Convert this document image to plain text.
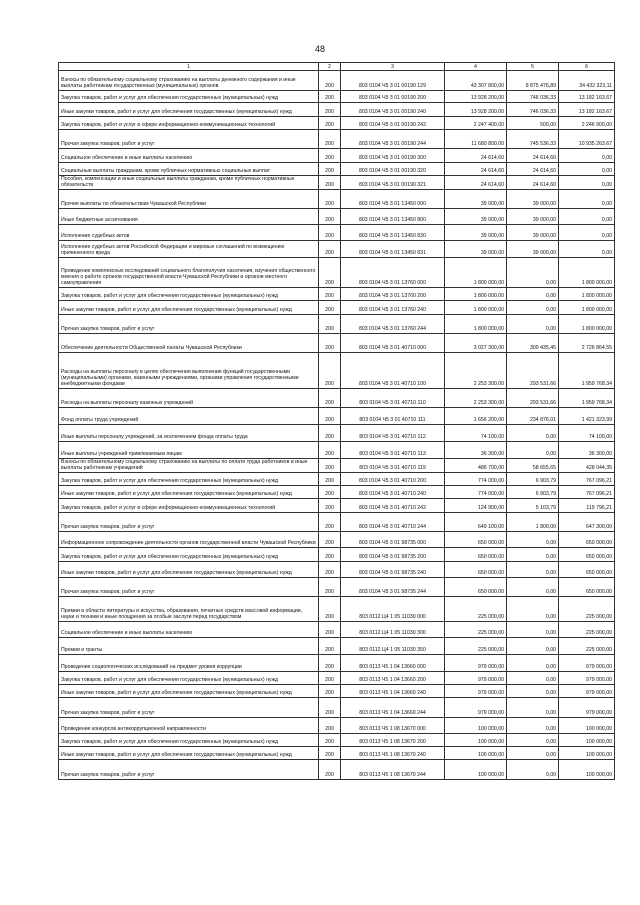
48
1	2	3	4	5	6
Взносы по обязательному социальному страхованию на выплаты денежного содержания и иные выплаты работникам государственных (муниципальных) органов	200	803 0104 Ч5 3 01 00190 129	43 307 800,00	8 875 476,89	34 432 323,11
Закупка товаров, работ и услуг для обеспечения государственных (муниципальных) нужд	200	803 0104 Ч5 3 01 00190 200	13 928 200,00	746 036,33	13 182 163,67
Иные закупки товаров, работ и услуг для обеспечения государственных (муниципальных) нужд	200	803 0104 Ч5 3 01 00190 240	13 928 200,00	746 036,33	13 182 163,67
Закупка товаров, работ и услуг в сфере информационно-коммуникационных технологий	200	803 0104 Ч5 3 01 00190 242	2 247 400,00	500,00	2 246 900,00
Прочая закупка товаров, работ и услуг	200	803 0104 Ч5 3 01 00190 244	11 680 800,00	745 536,33	10 935 263,67
Социальное обеспечение и иные выплаты населению	200	803 0104 Ч5 3 01 00190 300	24 614,60	24 614,60	0,00
Социальные выплаты гражданам, кроме публичных нормативных социальных выплат	200	803 0104 Ч5 3 01 00190 320	24 614,60	24 614,60	0,00
Пособия, компенсации и иные социальные выплаты гражданам, кроме публичных нормативных обязательств	200	803 0104 Ч5 3 01 00190 321	24 614,60	24 614,60	0,00
Прочие выплаты по обязательствам Чувашской Республики	200	803 0104 Ч5 3 01 13450 000	39 000,00	39 000,00	0,00
Иные бюджетные ассигнования	200	803 0104 Ч5 3 01 13450 800	39 000,00	39 000,00	0,00
Исполнение судебных актов	200	803 0104 Ч5 3 01 13450 830	39 000,00	39 000,00	0,00
Исполнение судебных актов Российской Федерации и мировых соглашений по возмещению причиненного вреда	200	803 0104 Ч5 3 01 13450 831	39 000,00	39 000,00	0,00
Проведение комплексных исследований социального благополучия населения, изучения общественного мнения о работе органов государственной власти Чувашской Республики и органов местного самоуправления	200	803 0104 Ч5 3 01 13760 000	1 800 000,00	0,00	1 800 000,00
Закупка товаров, работ и услуг для обеспечения государственных (муниципальных) нужд	200	803 0104 Ч5 3 01 13760 200	1 800 000,00	0,00	1 800 000,00
Иные закупки товаров, работ и услуг для обеспечения государственных (муниципальных) нужд	200	803 0104 Ч5 3 01 13760 240	1 800 000,00	0,00	1 800 000,00
Прочая закупка товаров, работ и услуг	200	803 0104 Ч5 3 01 13760 244	1 800 000,00	0,00	1 800 000,00
Обеспечение деятельности Общественной палаты Чувашской Республики	200	803 0104 Ч5 3 01 40710 000	3 027 300,00	300 435,45	2 726 864,55
Расходы на выплаты персоналу в целях обеспечения выполнения функций государственными (муниципальными) органами, казенными учреждениями, органами управления государственными внебюджетными фондами	200	803 0104 Ч5 3 01 40710 100	2 253 300,00	293 531,66	1 959 768,34
Расходы на выплаты персоналу казенных учреждений	200	803 0104 Ч5 3 01 40710 110	2 253 300,00	293 531,66	1 959 768,34
Фонд оплаты труда учреждений	200	803 0104 Ч5 3 01 40710 111	1 656 200,00	234 876,01	1 421 323,99
Иные выплаты персоналу учреждений, за исключением фонда оплаты труда	200	803 0104 Ч5 3 01 40710 112	74 100,00	0,00	74 100,00
Иные выплаты учреждений привлекаемым лицам	200	803 0104 Ч5 3 01 40710 113	36 300,00	0,00	36 300,00
Взносы по обязательному социальному страхованию на выплаты по оплате труда работников и иные выплаты работникам учреждений	200	803 0104 Ч5 3 01 40710 119	486 700,00	58 655,65	428 044,35
Закупка товаров, работ и услуг для обеспечения государственных (муниципальных) нужд	200	803 0104 Ч5 3 01 40710 200	774 000,00	6 903,79	767 096,21
Иные закупки товаров, работ и услуг для обеспечения государственных (муниципальных) нужд	200	803 0104 Ч5 3 01 40710 240	774 000,00	6 903,79	767 096,21
Закупка товаров, работ и услуг в сфере информационно-коммуникационных технологий	200	803 0104 Ч5 3 01 40710 242	124 900,00	5 103,79	119 796,21
Прочая закупка товаров, работ и услуг	200	803 0104 Ч5 3 01 40710 244	649 100,00	1 800,00	647 300,00
Информационное сопровождение деятельности органов государственной власти Чувашской Республики	200	803 0104 Ч5 3 01 98735 000	650 000,00	0,00	650 000,00
Закупка товаров, работ и услуг для обеспечения государственных (муниципальных) нужд	200	803 0104 Ч5 3 01 98735 200	650 000,00	0,00	650 000,00
Иные закупки товаров, работ и услуг для обеспечения государственных (муниципальных) нужд	200	803 0104 Ч5 3 01 98735 240	650 000,00	0,00	650 000,00
Прочая закупка товаров, работ и услуг	200	803 0104 Ч5 3 01 98735 244	650 000,00	0,00	650 000,00
Премии в области литературы и искусства, образования, печатных средств массовой информации, науки и техники и иные поощрения за особые заслуги перед государством	200	803 0112 Ц4 1 05 11030 000	225 000,00	0,00	225 000,00
Социальное обеспечение и иные выплаты населению	200	803 0112 Ц4 1 05 11030 300	225 000,00	0,00	225 000,00
Премии и гранты	200	803 0112 Ц4 1 05 11030 350	225 000,00	0,00	225 000,00
Проведение социологических исследований на предмет уровня коррупции	200	803 0113 Ч5 1 04 13660 000	979 000,00	0,00	979 000,00
Закупка товаров, работ и услуг для обеспечения государственных (муниципальных) нужд	200	803 0113 Ч5 1 04 13660 200	979 000,00	0,00	979 000,00
Иные закупки товаров, работ и услуг для обеспечения государственных (муниципальных) нужд	200	803 0113 Ч5 1 04 13660 240	979 000,00	0,00	979 000,00
Прочая закупка товаров, работ и услуг	200	803 0113 Ч5 1 04 13660 244	979 000,00	0,00	979 000,00
Проведение конкурсов антикоррупционной направленности	200	803 0113 Ч5 1 08 13670 000	100 000,00	0,00	100 000,00
Закупка товаров, работ и услуг для обеспечения государственных (муниципальных) нужд	200	803 0113 Ч5 1 08 13670 200	100 000,00	0,00	100 000,00
Иные закупки товаров, работ и услуг для обеспечения государственных (муниципальных) нужд	200	803 0113 Ч5 1 08 13670 240	100 000,00	0,00	100 000,00
Прочая закупка товаров, работ и услуг	200	803 0113 Ч5 1 08 13670 244	100 000,00	0,00	100 000,00
